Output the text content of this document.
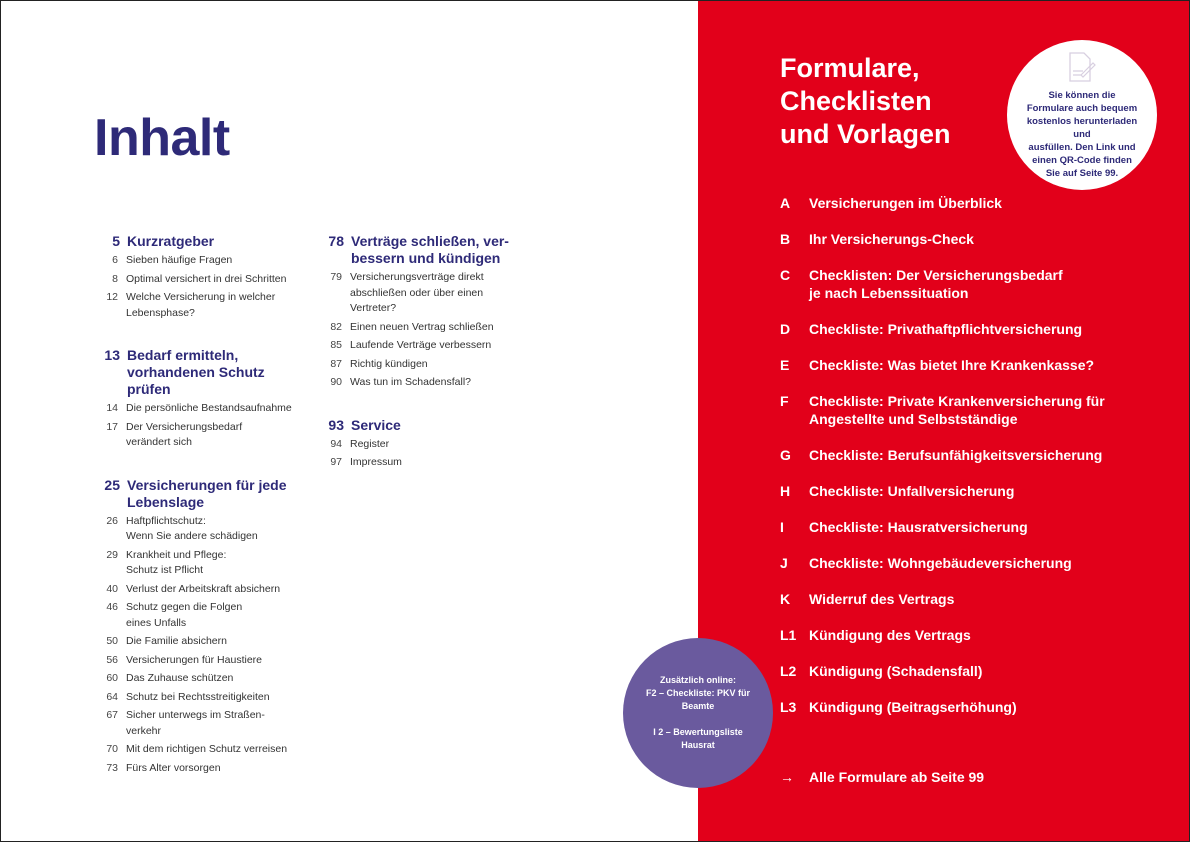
Inhalt
5 Kurzratgeber
6 Sieben häufige Fragen
8 Optimal versichert in drei Schritten
12 Welche Versicherung in welcher
Lebensphase?
13 Bedarf ermitteln,
vorhandenen Schutz
prüfen
14 Die persönliche Bestandsaufnahme
17 Der Versicherungsbedarf
verändert sich
25 Versicherungen für jede
Lebenslage
26 Haftpflichtschutz:
Wenn Sie andere schädigen
29 Krankheit und Pflege:
Schutz ist Pflicht
40 Verlust der Arbeitskraft absichern
46 Schutz gegen die Folgen
eines Unfalls
50 Die Familie absichern
56 Versicherungen für Haustiere
60 Das Zuhause schützen
64 Schutz bei Rechtsstreitigkeiten
67 Sicher unterwegs im Straßen-
verkehr
70 Mit dem richtigen Schutz verreisen
73 Fürs Alter vorsorgen
78 Verträge schließen, ver-
bessern und kündigen
79 Versicherungsverträge direkt
abschließen oder über einen
Vertreter?
82 Einen neuen Vertrag schließen
85 Laufende Verträge verbessern
87 Richtig kündigen
90 Was tun im Schadensfall?
93 Service
94 Register
97 Impressum
Formulare,
Checklisten
und Vorlagen
A	Versicherungen im Überblick
B	Ihr Versicherungs-Check
C	Checklisten: Der Versicherungsbedarf
je nach Lebenssituation
D	Checkliste: Privathaftpflichtversicherung
E	Checkliste: Was bietet Ihre Krankenkasse?
F	Checkliste: Private Krankenversicherung für
Angestellte und Selbstständige
G	Checkliste: Berufsunfähigkeitsversicherung
H	Checkliste: Unfallversicherung
I	Checkliste: Hausratversicherung
J	Checkliste: Wohngebäudeversicherung
K	Widerruf des Vertrags
L1 Kündigung des Vertrags
L2 Kündigung (Schadensfall)
L3 Kündigung (Beitragserhöhung)
→	Alle Formulare ab Seite 99
Sie können die
Formulare auch bequem
kostenlos herunterladen und
ausfüllen. Den Link und
einen QR-Code finden
Sie auf Seite 99.
Zusätzlich online:
F2 – Checkliste: PKV für
Beamte

I 2 – Bewertungsliste
Hausrat
